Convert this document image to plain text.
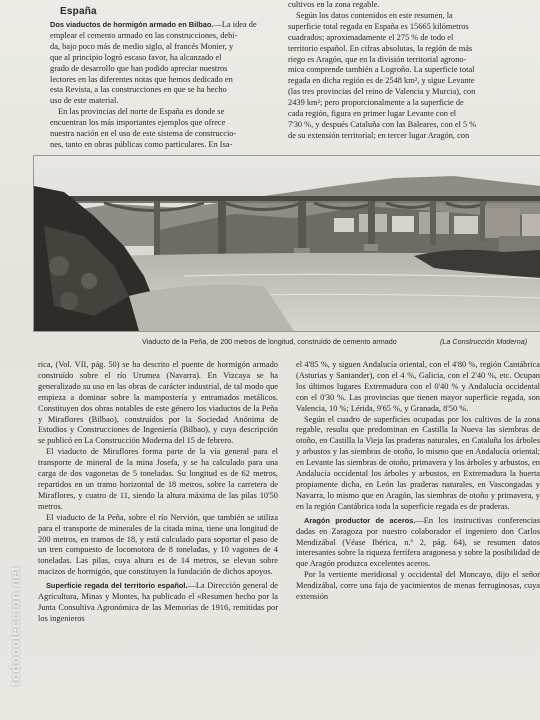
España
Dos viaductos de hormigón armado en Bilbao.—La idea de
emplear el cemento armado en las construcciones, debi-
da, bajo poco más de medio siglo, al francés Monier, y
que al principio logró escaso favor, ha alcanzado el
grado de desarrollo que han podido apreciar nuestros
lectores en las diferentes notas que hemos dedicado en
esta Revista, a las construcciones en que se ha hecho
uso de este material.
En las provincias del norte de España es donde se
encuentran los más importantes ejemplos que ofrece
nuestra nación en el uso de este sistema de construccio-
nes, tanto en obras públicas como particulares. En Isa-
cultivos en la zona regable.
Según los datos contenidos en este resumen, la
superficie total regada en España es 15665 kilómetros
cuadrados; aproximadamente el 275 % de todo el
territorio español. En cifras absolutas, la región de más
riego es Aragón, que en la división territorial agrono-
mica comprende también a Logroño. La superficie total
regada en dicha región es de 2548 km², y sigue Levante
(las tres provincias del reino de Valencia y Murcia), con
2439 km²; pero proporcionalmente a la superficie de
cada región, figura en primer lugar Levante con el
7'30 %, y después Cataluña con las Baleares, con el 5 %
de su extensión territorial; en tercer lugar Aragón, con
Viaducto de la Peña, de 200 metros de longitud, construído de cemento armado	(La Construcción Moderna)

rica, (Vol. VII, pág. 50) se ha descrito el puente de hormigón armado construído sobre el río Urumea (Navarra). En Vizcaya se ha generalizado su uso en las obras de carácter industrial, de tal modo que empieza a dominar sobre la mampostería y entramados metálicos. Constituyen dos obras notables de este género los viaductos de la Peña y Miraflores (Bilbao), construídos por la Sociedad Anónima de Estudios y Construcciones de Ingeniería (Bilbao), y cuya descripción se publicó en La Construcción Moderna del 15 de febrero.

El viaducto de Miraflores forma parte de la vía general para el transporte de mineral de la mina Josefa, y se ha calculado para una carga de dos vagonetas de 5 toneladas. Su longitud es de 62 metros, repartidos en un tramo horizontal de 18 metros, sobre la carretera de Miraflores, y cuatro de 11, siendo la altura máxima de las pilas 10'50 metros.

El viaducto de la Peña, sobre el río Nervión, que también se utiliza para el transporte de minerales de la citada mina, tiene una longitud de 200 metros, en tramos de 18, y está calculado para soportar el paso de un tren compuesto de locomotora de 8 toneladas, y 10 vagones de 4 toneladas. Las pilas, cuya altura es de 14 metros, se elevan sobre macizos de hormigón, que constituyen la fundación de dichos apoyos.

Superficie regada del territorio español.—La Dirección general de Agricultura, Minas y Montes, ha publicado el «Resumen hecho por la Junta Consultiva Agronómica de las Memorias de 1916, remitidas por los ingenieros

el 4'85 %, y siguen Andalucía oriental, con el 4'80 %, región Cantábrica (Asturias y Santander), con el 4 %, Galicia, con el 2'40 %, etc. Ocupan los últimos lugares Extremadura con el 0'40 % y Andalucía occidental con el 0'30 %. Las provincias que tienen mayor superficie regada, son Valencia, 10 %; Lérida, 9'65 %, y Granada, 8'50 %.

Según el cuadro de superficies ocupadas por los cultivos de la zona regable, resulta que predominan en Castilla la Nueva las siembras de otoño, en Castilla la Vieja las praderas naturales, en Cataluña los árboles y arbustos y las siembras de otoño, lo mismo que en Andalucía oriental; en Levante las siembras de otoño, primavera y los árboles y arbustos, en Andalucía occidental los árboles y arbustos, en Extremadura la huerta propiamente dicha, en León las praderas naturales, en Vascongadas y Navarra, lo mismo que en Aragón, las siembras de otoño y primavera, y en la región Cantábrica toda la superficie regada es de praderas.

Aragón productor de aceros.—En los instructivas conferencias dadas en Zaragoza por nuestro colaborador el ingeniero don Carlos Mendizábal (Véase Ibérica, n.º 2, pág. 64), se resumen datos interesantes sobre la riqueza ferrífera aragonesa y sobre la posibilidad de que Aragón produzca excelentes aceros.

Por la vertiente meridional y occidental del Moncayo, dijo el señor Mendizábal, corre una faja de yacimientos de menas ferruginosas, cuya extensión

todocoleccion.net
